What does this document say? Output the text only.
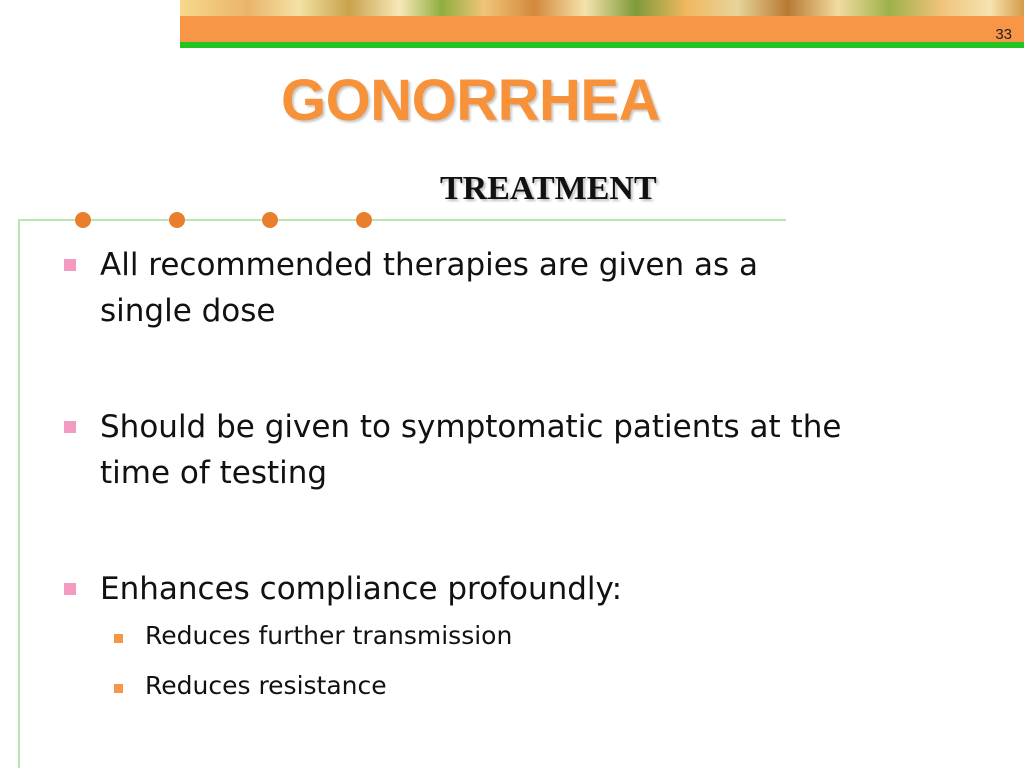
33
GONORRHEA
TREATMENT
All recommended therapies are given as a
single dose
Should be given to symptomatic patients at the
time of testing
Enhances compliance profoundly:
Reduces further transmission
Reduces resistance
